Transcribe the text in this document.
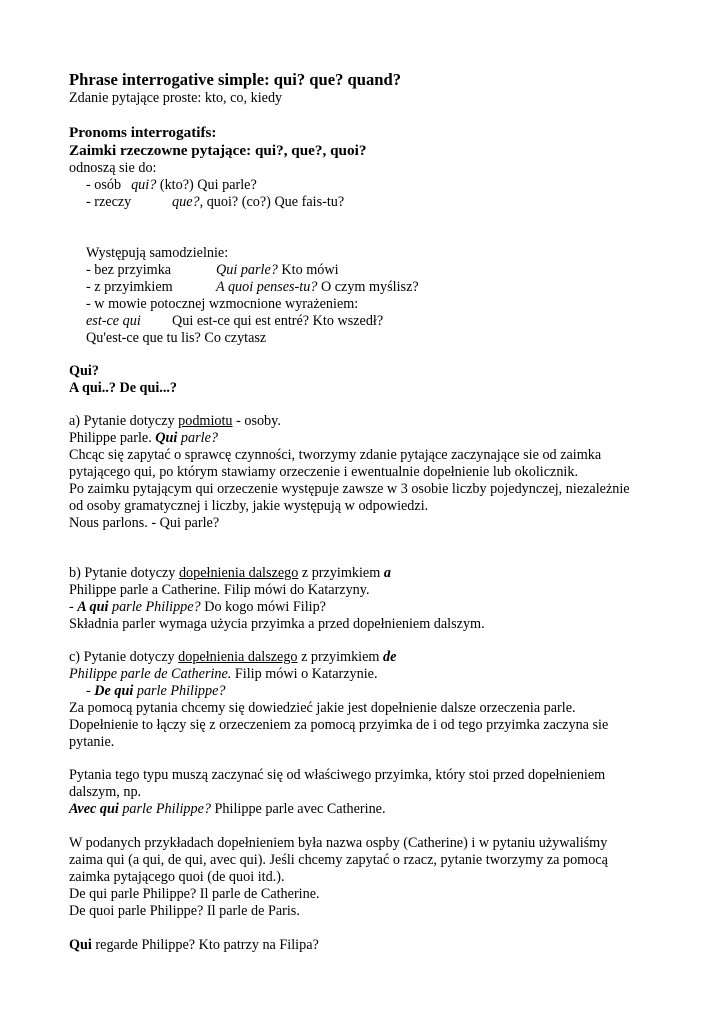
Phrase interrogative simple: qui? que? quand?
Zdanie pytające proste: kto, co, kiedy
Pronoms interrogatifs:
Zaimki rzeczowne pytające: qui?, que?, quoi?
odnoszą sie do:
- osób qui? (kto?) Qui parle?
- rzeczy	que?, quoi? (co?) Que fais-tu?
Występują samodzielnie:
- bez przyimka	Qui parle? Kto mówi
- z przyimkiem	A quoi penses-tu? O czym myślisz?
- w mowie potocznej wzmocnione wyrażeniem:
est-ce qui Qui est-ce qui est entré? Kto wszedł?
Qu'est-ce que tu lis? Co czytasz
Qui?
A qui..? De qui...?
a) Pytanie dotyczy podmiotu - osoby.
Philippe parle. Qui parle?
Chcąc się zapytać o sprawcę czynności, tworzymy zdanie pytające zaczynające sie od zaimka
pytającego qui, po którym stawiamy orzeczenie i ewentualnie dopełnienie lub okolicznik.
Po zaimku pytającym qui orzeczenie występuje zawsze w 3 osobie liczby pojedynczej, niezależnie
od osoby gramatycznej i liczby, jakie występują w odpowiedzi.
Nous parlons. - Qui parle?
b) Pytanie dotyczy dopełnienia dalszego z przyimkiem a
Philippe parle a Catherine. Filip mówi do Katarzyny.
- A qui parle Philippe? Do kogo mówi Filip?
Składnia parler wymaga użycia przyimka a przed dopełnieniem dalszym.
c) Pytanie dotyczy dopełnienia dalszego z przyimkiem de
Philippe parle de Catherine. Filip mówi o Katarzynie.
- De qui parle Philippe?
Za pomocą pytania chcemy się dowiedzieć jakie jest dopełnienie dalsze orzeczenia parle.
Dopełnienie to łączy się z orzeczeniem za pomocą przyimka de i od tego przyimka zaczyna sie
pytanie.
Pytania tego typu muszą zaczynać się od właściwego przyimka, który stoi przed dopełnieniem
dalszym, np.
Avec qui parle Philippe? Philippe parle avec Catherine.
W podanych przykładach dopełnieniem była nazwa ospby (Catherine) i w pytaniu używaliśmy
zaima qui (a qui, de qui, avec qui). Jeśli chcemy zapytać o rzacz, pytanie tworzymy za pomocą
zaimka pytającego quoi (de quoi itd.).
De qui parle Philippe? Il parle de Catherine.
De quoi parle Philippe? Il parle de Paris.
Qui regarde Philippe? Kto patrzy na Filipa?
